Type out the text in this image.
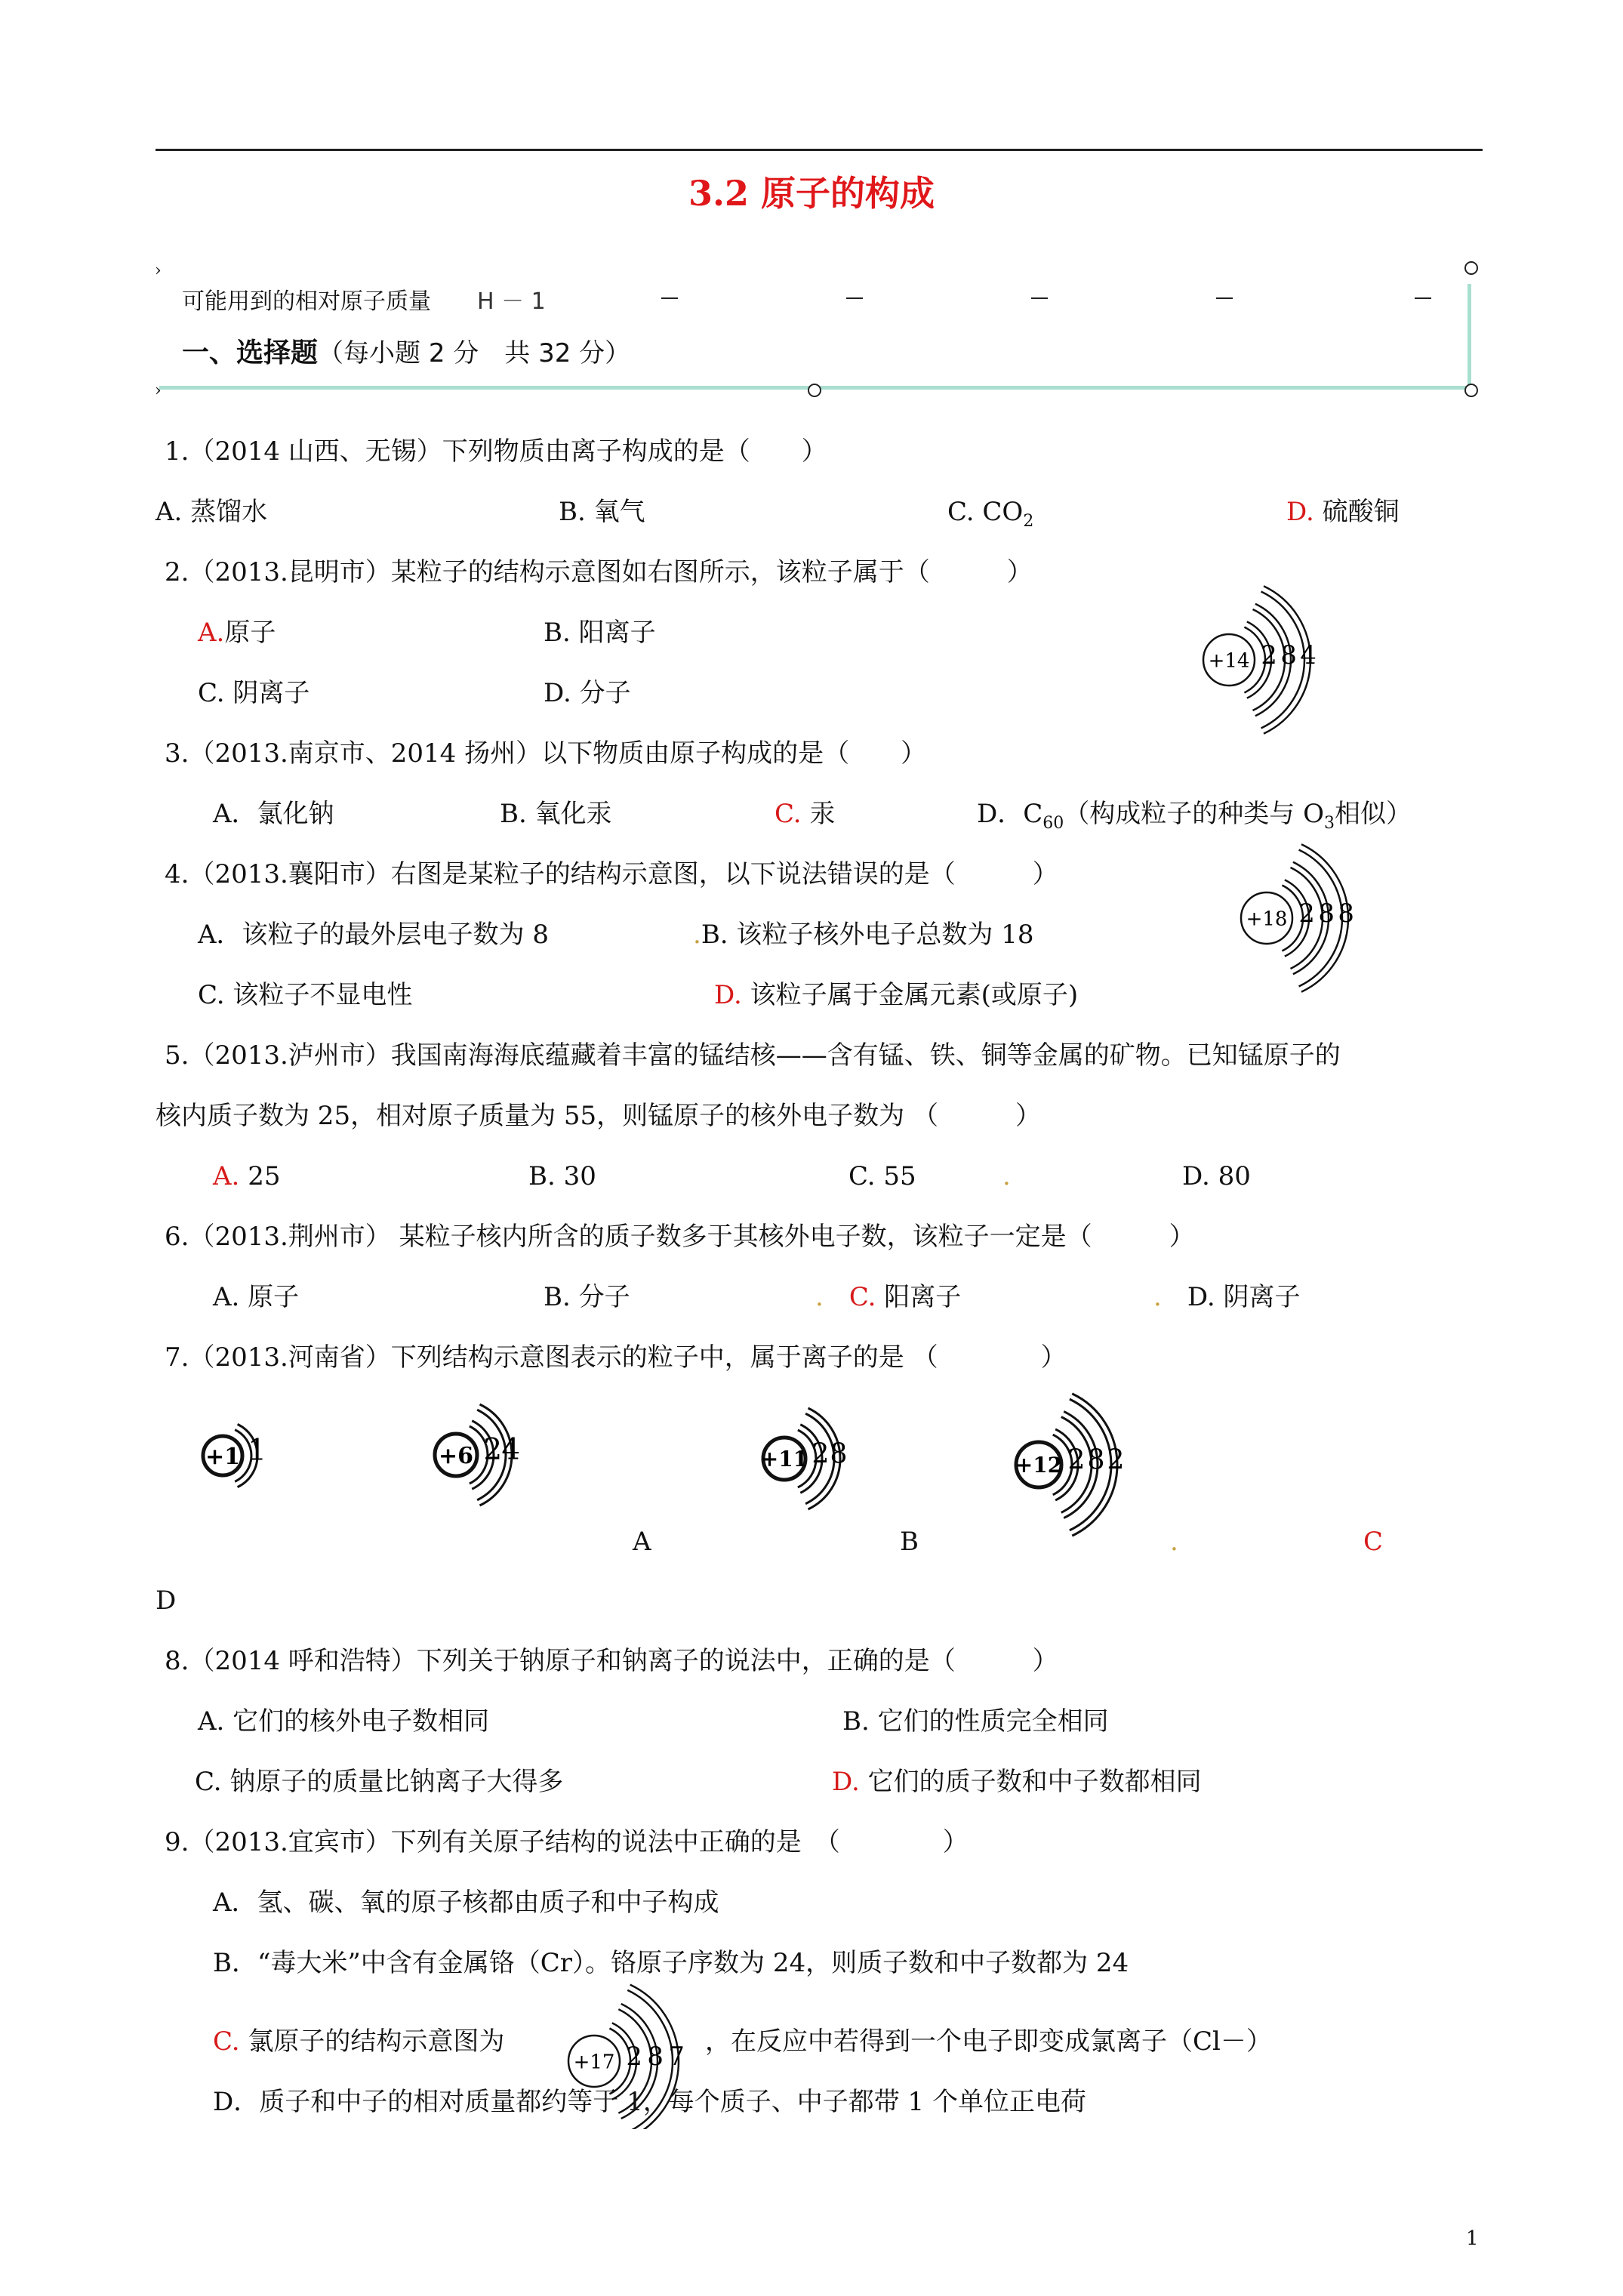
3.2 原子的构成
›
›
可能用到的相对原子质量 H － 1
一、选择题（每小题 2 分　共 32 分）
1.（2014 山西、无锡）下列物质由离子构成的是（　　）
A. 蒸馏水	B. 氧气	C. $CO_2$	D. 硫酸铜
2.（2013.昆明市）某粒子的结构示意图如右图所示，该粒子属于（　　　）
A.原子	B. 阳离子
C. 阴离子	D. 分子
3.（2013.南京市、2014 扬州）以下物质由原子构成的是（　　）
A．氯化钠	B. 氧化汞	C. 汞	D．$C_{60}$（构成粒子的种类与 $O_3$相似）
4.（2013.襄阳市）右图是某粒子的结构示意图，以下说法错误的是（　　　）
A．该粒子的最外层电子数为 8	.B. 该粒子核外电子总数为 18
C. 该粒子不显电性	D. 该粒子属于金属元素(或原子)
5.（2013.泸州市）我国南海海底蕴藏着丰富的锰结核——含有锰、铁、铜等金属的矿物。已知锰原子的
核内质子数为 25，相对原子质量为 55，则锰原子的核外电子数为 （　　　）
A. 25	B. 30	C. 55	.	D. 80
6.（2013.荆州市） 某粒子核内所含的质子数多于其核外电子数，该粒子一定是（　　　）
A. 原子	B. 分子	.　 C. 阳离子	.　 D. 阴离子
7.（2013.河南省）下列结构示意图表示的粒子中，属于离子的是 （　　　　）
A	B	.	C
D
8.（2014 呼和浩特）下列关于钠原子和钠离子的说法中，正确的是（　　　）
A. 它们的核外电子数相同	B. 它们的性质完全相同
C. 钠原子的质量比钠离子大得多	D. 它们的质子数和中子数都相同
9.（2013.宜宾市）下列有关原子结构的说法中正确的是　（　　　　）
A．氢、碳、氧的原子核都由质子和中子构成
B．“毒大米”中含有金属铬（Cr）。铬原子序数为 24，则质子数和中子数都为 24
C. 氯原子的结构示意图为	，在反应中若得到一个电子即变成氯离子（Cl－）
D．质子和中子的相对质量都约等于 1，每个质子、中子都带 1 个单位正电荷
1
+14 2 8 4
+18 2 8 8
+1 1	+6 2 4	+11 2 8	+12 2 8 2
+17 2 8 7
